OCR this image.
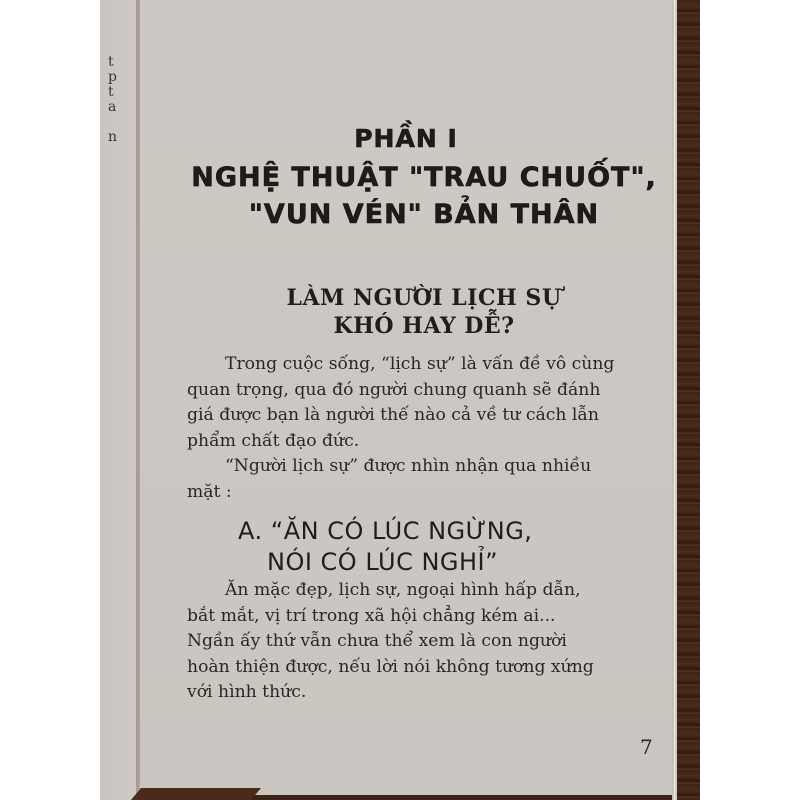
t
p
t
a

n	PHẦN I
NGHỆ THUẬT "TRAU CHUỐT",
"VUN VÉN" BẢN THÂN
LÀM NGƯỜI LỊCH SỰ
KHÓ HAY DỄ?
Trong cuộc sống, “lịch sự” là vấn đề vô cùng
quan trọng, qua đó người chung quanh sẽ đánh
giá được bạn là người thế nào cả về tư cách lẫn
phẩm chất đạo đức.
“Người lịch sự” được nhìn nhận qua nhiều
mặt :
A. “ĂN CÓ LÚC NGỪNG,
NÓI CÓ LÚC NGHỈ”
Ăn mặc đẹp, lịch sự, ngoại hình hấp dẫn,
bắt mắt, vị trí trong xã hội chẳng kém ai...
Ngần ấy thứ vẫn chưa thể xem là con người
hoàn thiện được, nếu lời nói không tương xứng
với hình thức.
7
